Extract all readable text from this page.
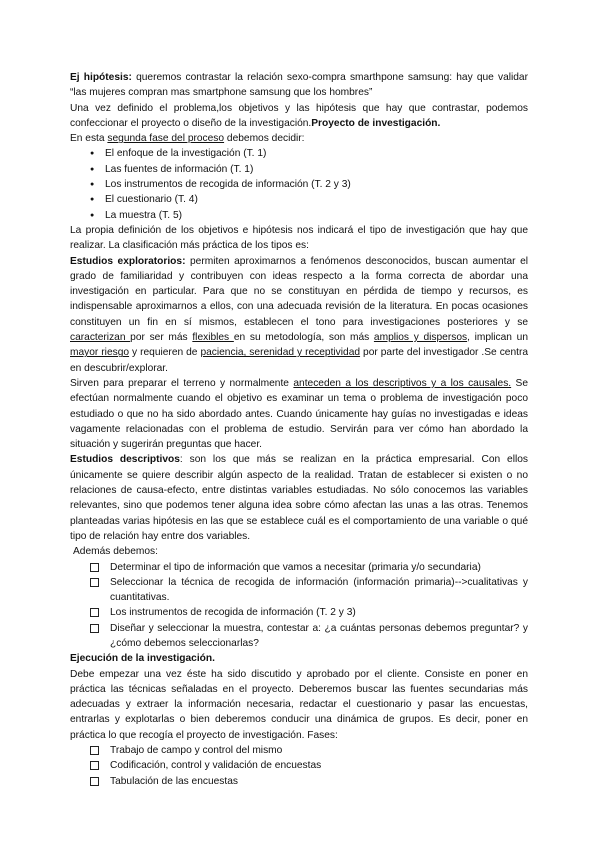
Ej hipótesis: queremos contrastar la relación sexo-compra smarthpone samsung: hay que validar “las mujeres compran mas smartphone samsung que los hombres”

Una vez definido el problema,los objetivos y las hipótesis que hay que contrastar, podemos confeccionar el proyecto o diseño de la investigación.Proyecto de investigación.

En esta segunda fase del proceso debemos decidir:

● El enfoque de la investigación (T. 1)
● Las fuentes de información (T. 1)
● Los instrumentos de recogida de información (T. 2 y 3)
● El cuestionario (T. 4)
● La muestra (T. 5)

La propia definición de los objetivos e hipótesis nos indicará el tipo de investigación que hay que realizar. La clasificación más práctica de los tipos es:

Estudios exploratorios: permiten aproximarnos a fenómenos desconocidos, buscan aumentar el grado de familiaridad y contribuyen con ideas respecto a la forma correcta de abordar una investigación en particular. Para que no se constituyan en pérdida de tiempo y recursos, es indispensable aproximarnos a ellos, con una adecuada revisión de la literatura. En pocas ocasiones constituyen un fin en sí mismos, establecen el tono para investigaciones posteriores y se caracterizan por ser más flexibles en su metodología, son más amplios y dispersos, implican un mayor riesgo y requieren de paciencia, serenidad y receptividad por parte del investigador .Se centra en descubrir/explorar.

Sirven para preparar el terreno y normalmente anteceden a los descriptivos y a los causales. Se efectúan normalmente cuando el objetivo es examinar un tema o problema de investigación poco estudiado o que no ha sido abordado antes. Cuando únicamente hay guías no investigadas e ideas vagamente relacionadas con el problema de estudio. Servirán para ver cómo han abordado la situación y sugerirán preguntas que hacer.

Estudios descriptivos: son los que más se realizan en la práctica empresarial. Con ellos únicamente se quiere describir algún aspecto de la realidad. Tratan de establecer si existen o no relaciones de causa-efecto, entre distintas variables estudiadas. No sólo conocemos las variables relevantes, sino que podemos tener alguna idea sobre cómo afectan las unas a las otras. Tenemos planteadas varias hipótesis en las que se establece cuál es el comportamiento de una variable o qué tipo de relación hay entre dos variables.

Además debemos:

Determinar el tipo de información que vamos a necesitar (primaria y/o secundaria)
Seleccionar la técnica de recogida de información (información primaria)-->cualitativas y cuantitativas.
Los instrumentos de recogida de información (T. 2 y 3)
Diseñar y seleccionar la muestra, contestar a: ¿a cuántas personas debemos preguntar? y ¿cómo debemos seleccionarlas?

Ejecución de la investigación.

Debe empezar una vez éste ha sido discutido y aprobado por el cliente. Consiste en poner en práctica las técnicas señaladas en el proyecto. Deberemos buscar las fuentes secundarias más adecuadas y extraer la información necesaria, redactar el cuestionario y pasar las encuestas, entrarlas y explotarlas o bien deberemos conducir una dinámica de grupos. Es decir, poner en práctica lo que recogía el proyecto de investigación. Fases:

Trabajo de campo y control del mismo
Codificación, control y validación de encuestas
Tabulación de las encuestas
